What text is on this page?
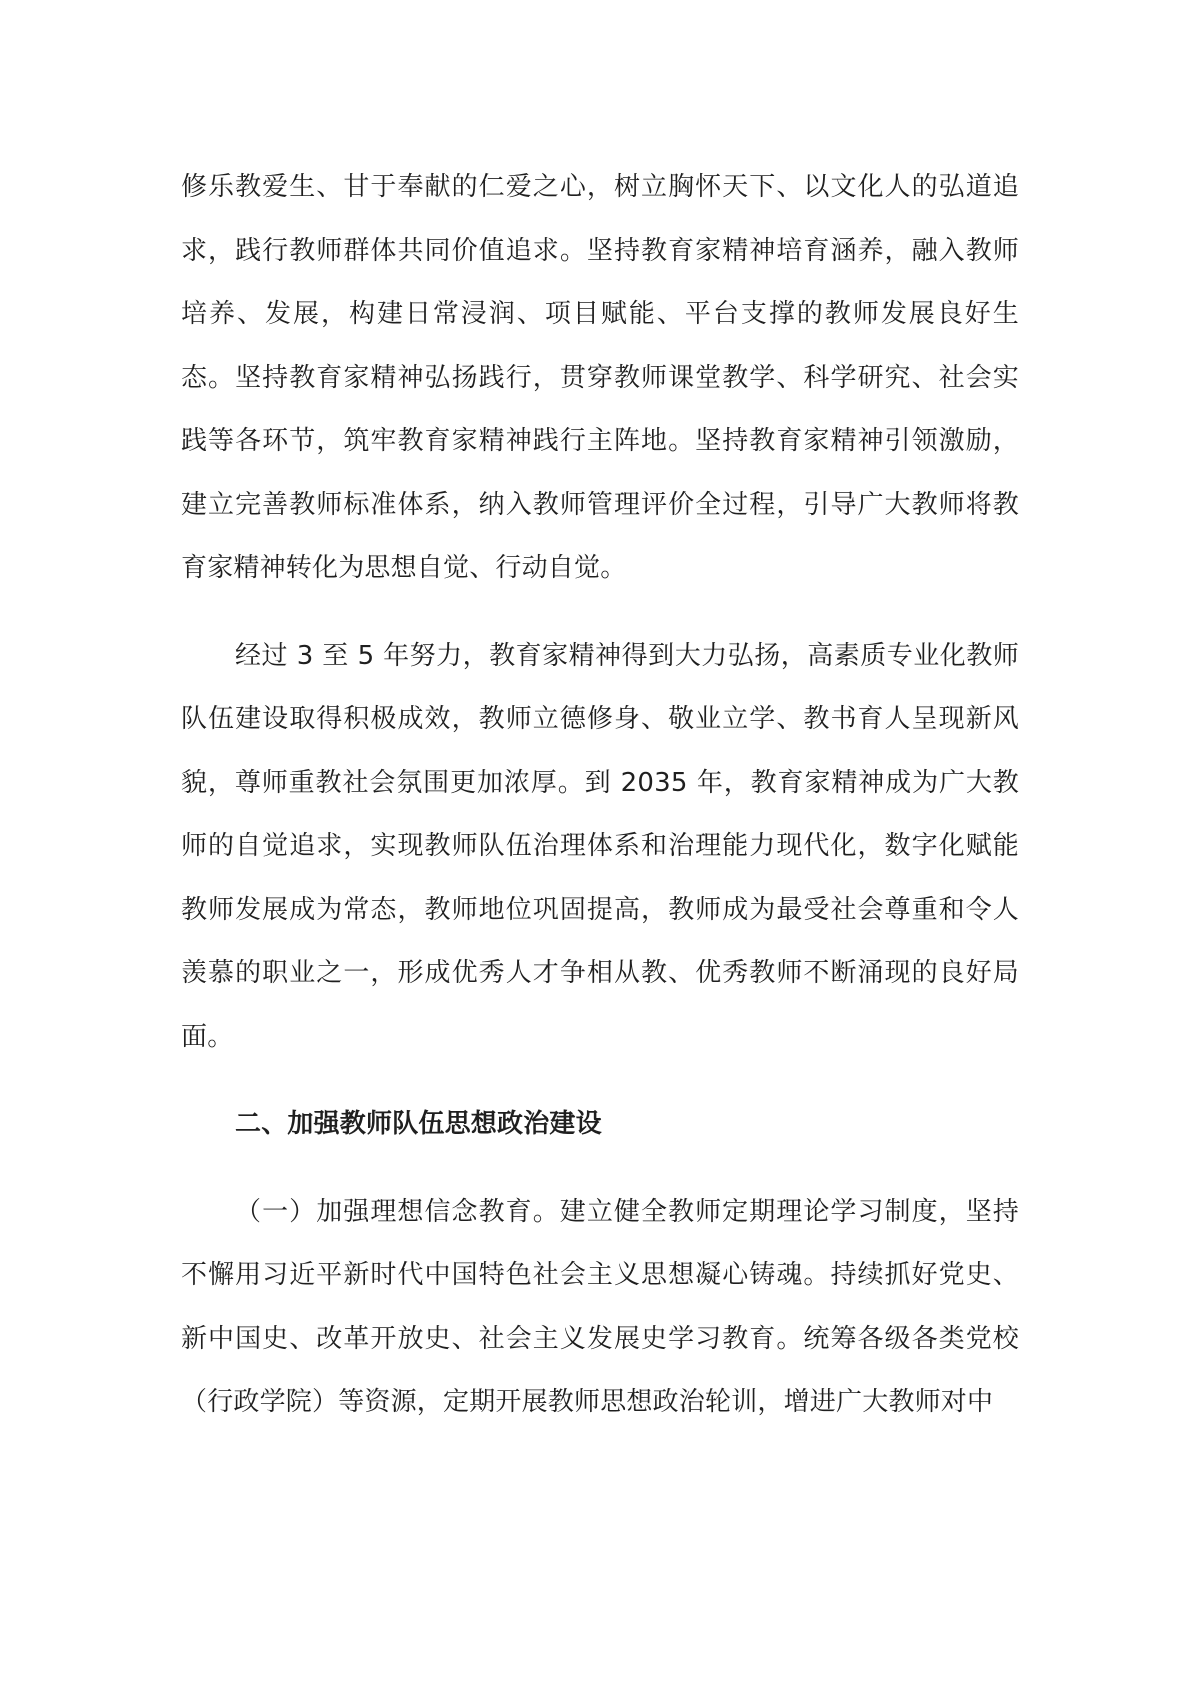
修乐教爱生、甘于奉献的仁爱之心，树立胸怀天下、以文化人的弘道追求，践行教师群体共同价值追求。坚持教育家精神培育涵养，融入教师培养、发展，构建日常浸润、项目赋能、平台支撑的教师发展良好生态。坚持教育家精神弘扬践行，贯穿教师课堂教学、科学研究、社会实践等各环节，筑牢教育家精神践行主阵地。坚持教育家精神引领激励，建立完善教师标准体系，纳入教师管理评价全过程，引导广大教师将教育家精神转化为思想自觉、行动自觉。

经过 3 至 5 年努力，教育家精神得到大力弘扬，高素质专业化教师队伍建设取得积极成效，教师立德修身、敬业立学、教书育人呈现新风貌，尊师重教社会氛围更加浓厚。到 2035 年，教育家精神成为广大教师的自觉追求，实现教师队伍治理体系和治理能力现代化，数字化赋能教师发展成为常态，教师地位巩固提高，教师成为最受社会尊重和令人羡慕的职业之一，形成优秀人才争相从教、优秀教师不断涌现的良好局面。

二、加强教师队伍思想政治建设

（一）加强理想信念教育。建立健全教师定期理论学习制度，坚持不懈用习近平新时代中国特色社会主义思想凝心铸魂。持续抓好党史、新中国史、改革开放史、社会主义发展史学习教育。统筹各级各类党校（行政学院）等资源，定期开展教师思想政治轮训，增进广大教师对中
